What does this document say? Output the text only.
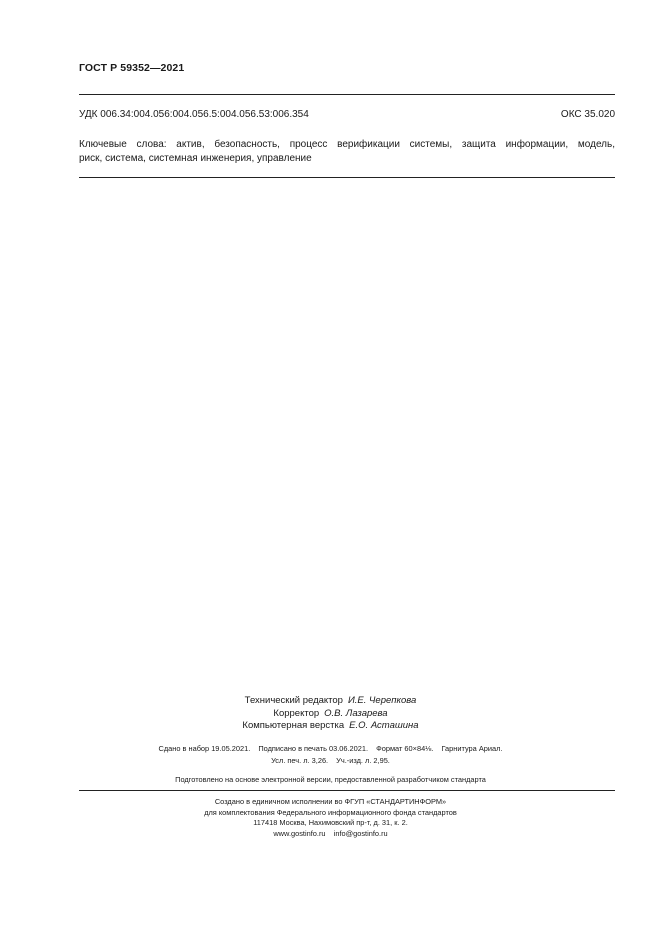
ГОСТ Р 59352—2021
УДК 006.34:004.056:004.056.5:004.056.53:006.354	ОКС 35.020
Ключевые слова: актив, безопасность, процесс верификации системы, защита информации, модель,
риск, система, системная инженерия, управление
Технический редактор И.Е. Черепкова
Корректор О.В. Лазарева
Компьютерная верстка Е.О. Асташина
Сдано в набор 19.05.2021. Подписано в печать 03.06.2021. Формат 60×84⅛. Гарнитура Ариал.
Усл. печ. л. 3,26. Уч.-изд. л. 2,95.
Подготовлено на основе электронной версии, предоставленной разработчиком стандарта
Создано в единичном исполнении во ФГУП «СТАНДАРТИНФОРМ»
для комплектования Федерального информационного фонда стандартов
117418 Москва, Нахимовский пр-т, д. 31, к. 2.
www.gostinfo.ru    info@gostinfo.ru
